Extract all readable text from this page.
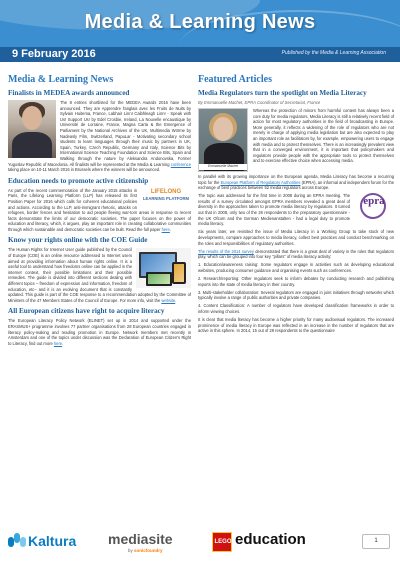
Media & Learning News
9 February 2016	Published by the Media & Learning Association
Media & Learning News
Finalists in MEDEA awards announced
The 8 entries shortlisted for the MEDEA Awards 2016 have been announced. They are Apprendre l'anglais avec les Fruits de Nuits by Sylvain Huitema, France, Labhair Linn! Caibhleagh Linn! - Speak with Us! Support Us! by Edel Crosbie, Ireland, La Nouvelle encaustique by Université de Lorraine, France, Magna Carta & the Emergence of Parliament by the National Archives of the UK, Multimedia Wörme by Nadeasly Film, Switzerland, PapuLar - Motivating secondary school students to learn languages through their music by partners in UK, Spain, Turkey, Czech Republic, Germany and Italy, Science Bits by International Science Teaching Foundation and Science Bits, Spain and Walking through the nature by Aleksandra Andonovska, Former Yugoslav Republic of Macedonia. All finalists will be represented at the Media & Learning conference taking place on 10-11 March 2016 in Brussels where the winners will be announced.
Education needs to promote active citizenship
LIFELONG
LEARNING PLATFORM
As part of the recent commemoration of the January 2015 attacks in Paris, the Lifelong Learning Platform (LLP) has released its first Position Paper for 2016 which calls for coherent educational policies and actions. According to the LLP, anti-immigrant rhetoric, attacks on refugees, border fences and hesitation to aid people fleeing war-torn areas in response to recent facts demonstrate the limits of our democratic societies. The paper focuses on the power of education and literacy, which, it argues, play an important role in creating collaborative communities through which sustainable and democratic societies can be built. Read the full paper here.
Know your rights online with the COE Guide
The Human Rights for Internet User guide published by the Council of Europe (COE) is an online resource addressed to Internet users aimed at providing information about human rights online. It is a useful tool to understand how freedoms online can be applied in the internet context, their possible limitations and their possible remedies. The guide is divided into different sections dealing with different topics – freedom of expression and information, freedom of education, etc– and it is an evolving document that is constantly updated. This guide is part of the COE response to a recommendation adopted by the Committee of Ministers of the 47 Members States of the Council of Europe. For more info, visit the website.
All European citizens have right to acquire literacy
The European Literacy Policy Network (ELINET) set up in 2014 and supported under the ERASMUS+ programme involves 77 partner organisations from 28 European countries engaged in literacy policy-making and reading promotion in Europe. Network members met recently in Amsterdam and one of the topics under discussion was the Declaration of European Citizen's Right to Literacy, find out more here.
Featured Articles
Media Regulators turn the spotlight on Media Literacy
By Emmanuelle Machet, EPRA Coordinator of Secretariat, France
Emmanuelle Machet
Whereas the protection of minors from harmful content has always been a core duty for media regulators, Media Literacy is still a relatively recent field of action for most regulatory authorities in the field of broadcasting in Europe. More generally, it reflects a widening of the role of regulators who are not merely in charge of applying media legislation but are also expected to play an important role as facilitators by, for example, empowering users to engage with media and to protect themselves. There is an increasingly prevalent view that in a converged environment, it is important that policymakers and regulators provide people with the appropriate tools to protect themselves and to exercise effective choice when accessing media.
In parallel with its growing importance on the European agenda, Media Literacy has become a recurring topic for the European Platform of Regulatory Authorities (EPRA), an informal and independent forum for the exchange of best practices between 52 media regulators across Europe.
epra
The topic was addressed for the first time in 2008 during an EPRA meeting. The results of a survey circulated amongst EPRA members revealed a great deal of diversity in the approaches taken to promote media literacy by regulators. It turned out that in 2008, only two of the 26 respondents to the preparatory questionnaire - the UK Ofcom and the German Medienanstalten - had a legal duty to promote media literacy.
Six years later, we revisited the issue of Media Literacy in a Working Group to take stock of new developments, compare approaches to media literacy, collect best practices and conduct benchmarking on the roles and responsibilities of regulatory authorities.
The results of the 2014 survey demonstrated that there is a great deal of variety in the roles that regulators play, which can be grouped into four key "pillars" of media literacy activity:
1. Education/awareness raising: Some regulators engage in activities such as developing educational websites, producing consumer guidance and organising events such as conferences.
2. Research/reporting: Other regulators seek to inform debates by conducting research and publishing reports into the state of media literacy in their country.
3. Multi-stakeholder collaboration: Several regulators are engaged in joint initiatives through networks which typically involve a range of public authorities and private companies.
4. Content Classification: A number of regulators have developed classification frameworks in order to inform viewing choices.
It is clear that media literacy has become a higher priority for many audiovisual regulators. The increased prominence of media literacy in Europe was reflected in an increase in the number of regulators that are active in this sphere. In 2014, 15 out of 29 respondents to the questionnaire
Kaltura mediasite
by sonicfoundry
LEGO education	1
